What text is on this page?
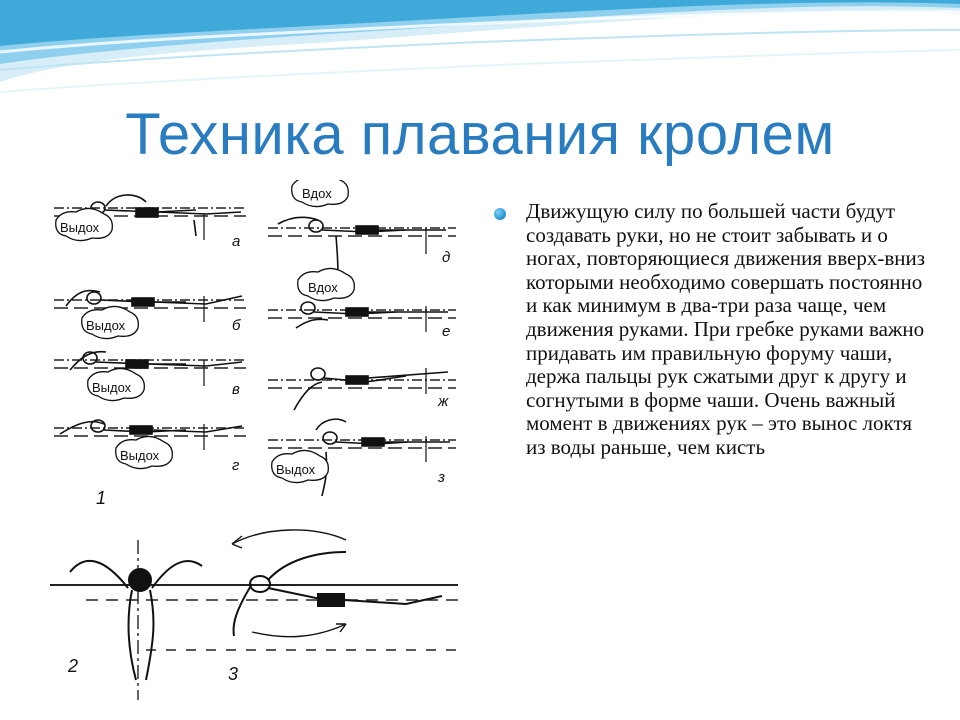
Техника плавания кролем
Выдох
Выдох
Выдох
Выдох
Вдох
Вдох
Выдох
а
б
в
г
д
е
ж
з
1
2	3
Движущую силу по большей части будут создавать руки, но не стоит забывать и о ногах, повторяющиеся движения вверх-вниз которыми необходимо совершать постоянно и как минимум в два-три раза чаще, чем движения руками. При гребке руками важно придавать им правильную форуму чаши, держа пальцы рук сжатыми друг к другу и согнутыми в форме чаши. Очень важный момент в движениях рук – это вынос локтя из воды раньше, чем кисть
